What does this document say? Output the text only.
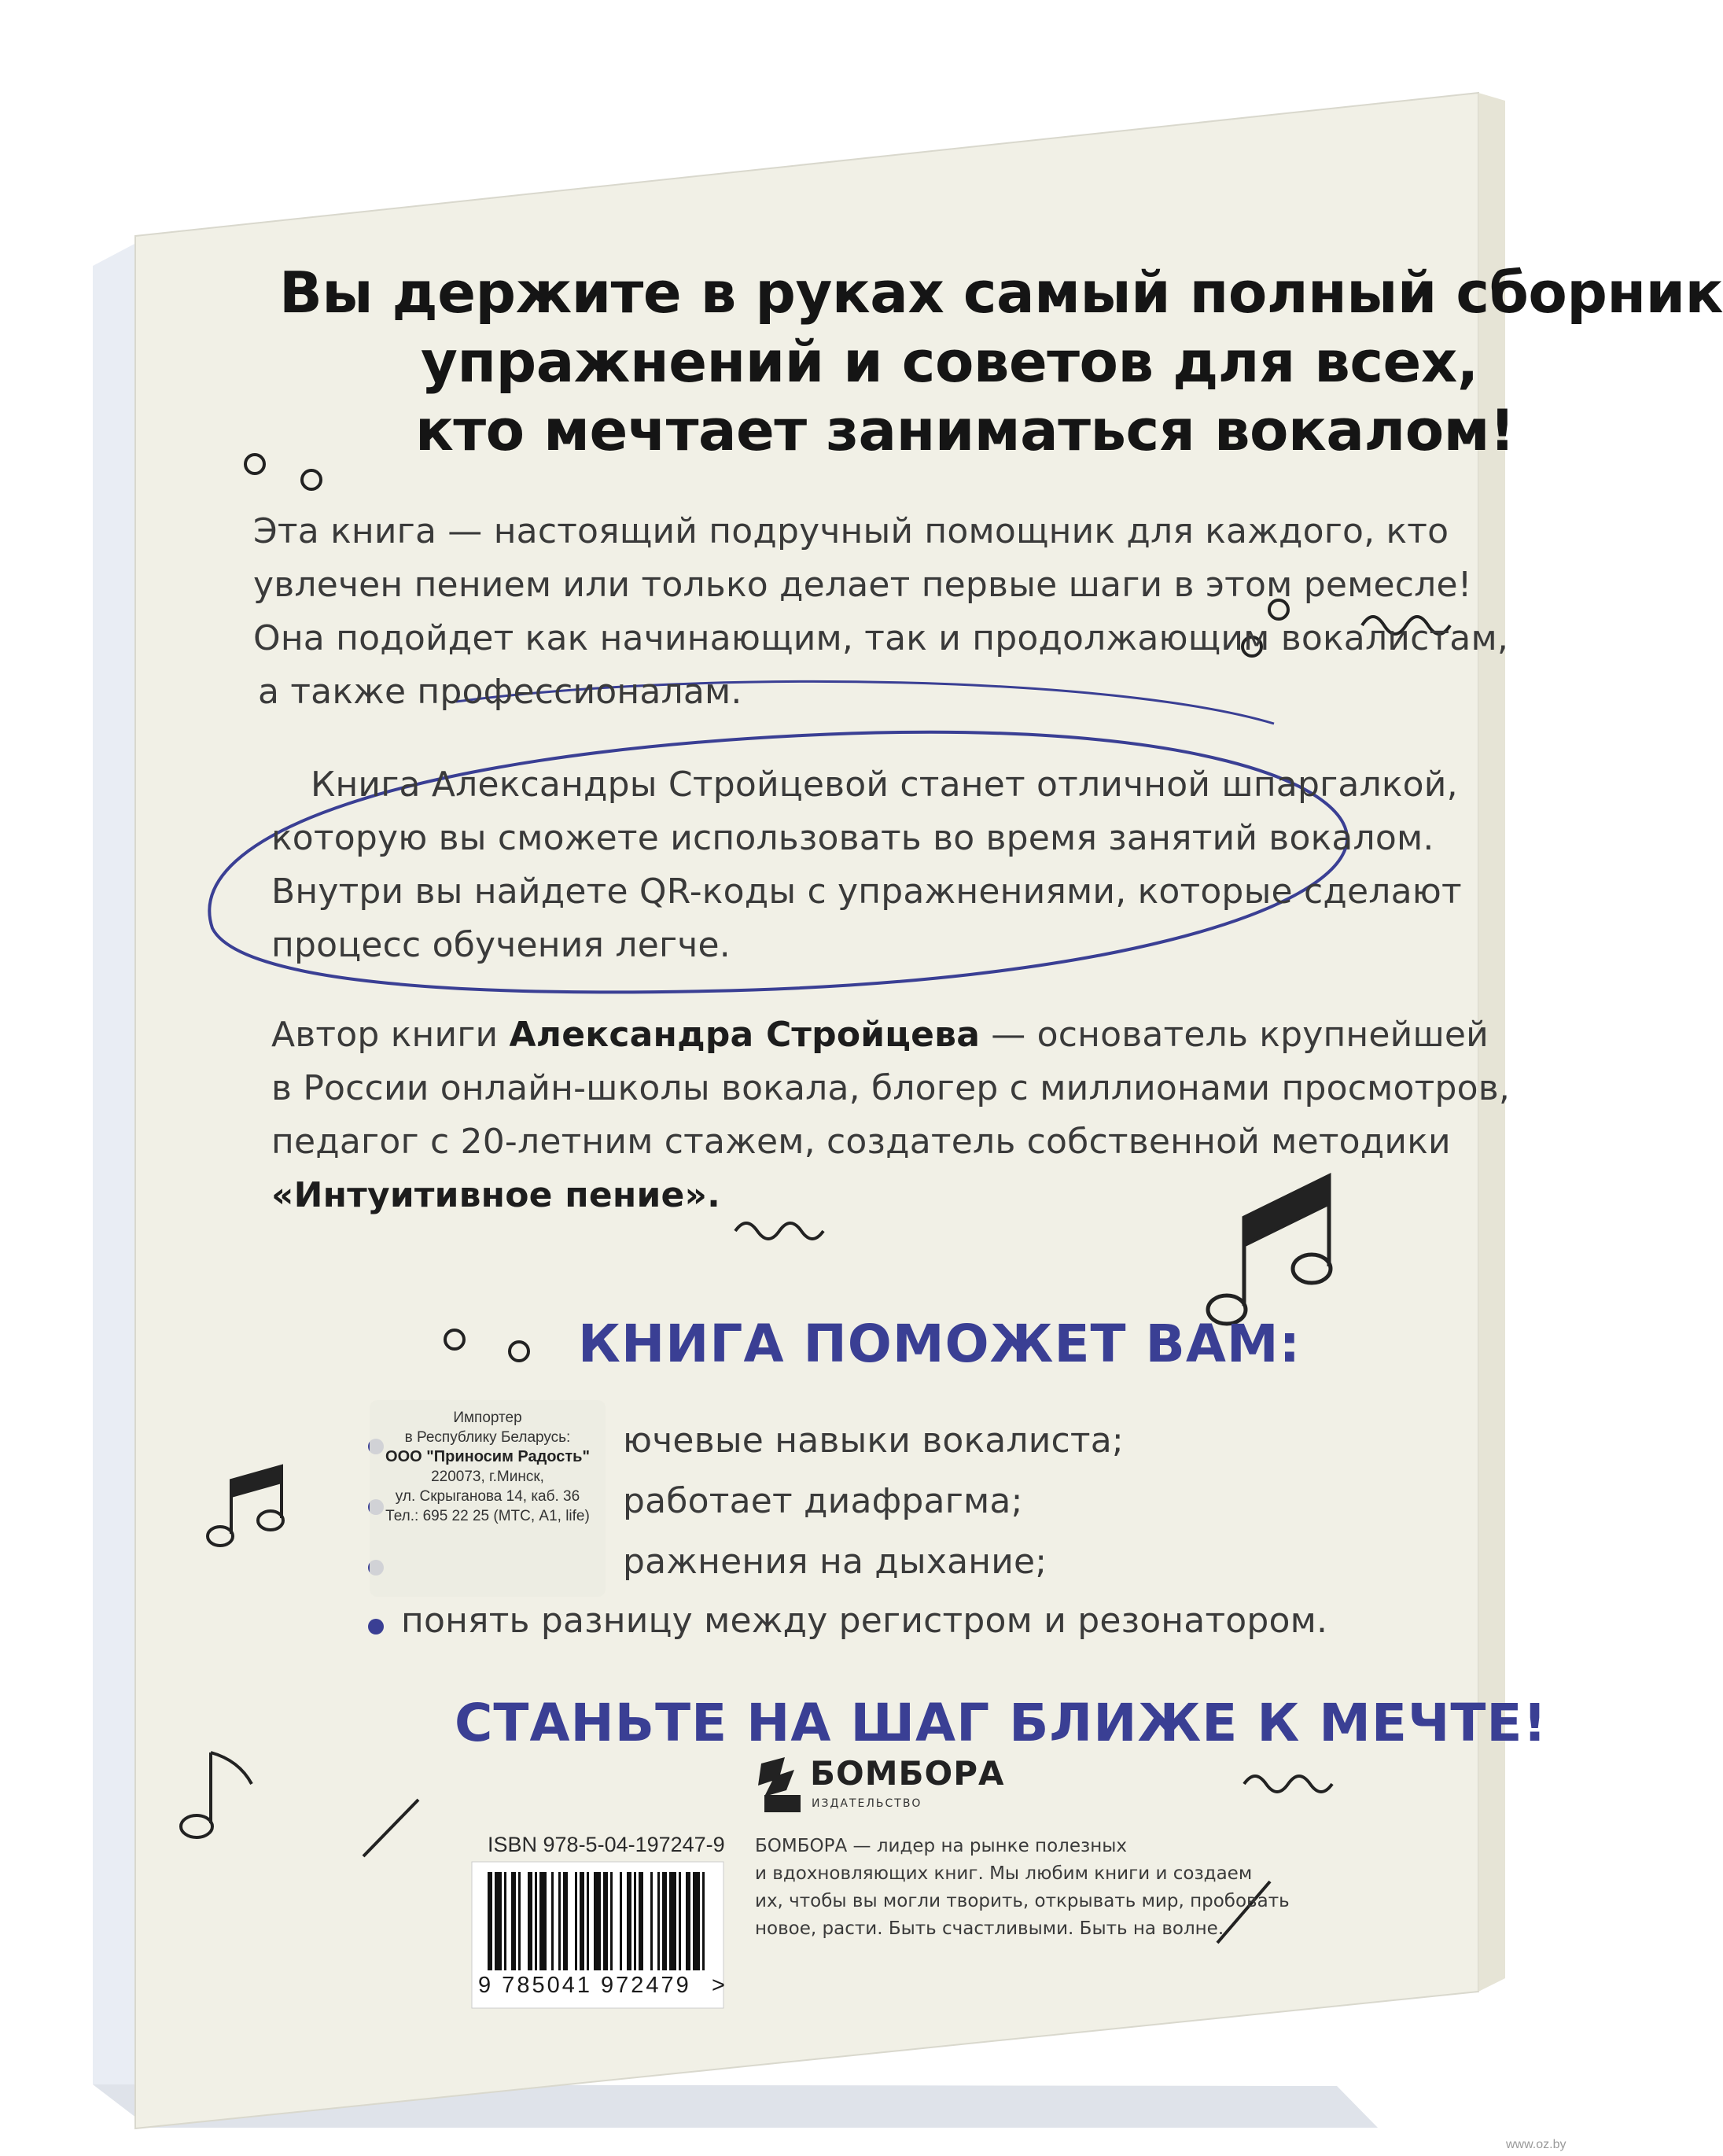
Вы держите в руках самый полный сборник
упражнений и советов для всех,
кто мечтает заниматься вокалом!
Эта книга — настоящий подручный помощник для каждого, кто
увлечен пением или только делает первые шаги в этом ремесле!
Она подойдет как начинающим, так и продолжающим вокалистам,
а также профессионалам.
Книга Александры Стройцевой станет отличной шпаргалкой,
которую вы сможете использовать во время занятий вокалом.
Внутри вы найдете QR-коды с упражнениями, которые сделают
процесс обучения легче.
Автор книги Александра Стройцева — основатель крупнейшей
в России онлайн-школы вокала, блогер с миллионами просмотров,
педагог с 20-летним стажем, создатель собственной методики
«Интуитивное пение».
КНИГА ПОМОЖЕТ ВАМ:
ючевые навыки вокалиста;
работает диафрагма;
ражнения на дыхание;
понять разницу между регистром и резонатором.
Импортер
в Республику Беларусь:
ООО "Приносим Радость"
220073, г.Минск,
ул. Скрыганова 14, каб. 36
Тел.: 695 22 25 (МТС, A1, life)
СТАНЬТЕ НА ШАГ БЛИЖЕ К МЕЧТЕ!
ISBN 978-5-04-197247-9
9 785041 972479 >
БОМБОРА
ИЗДАТЕЛЬСТВО
БОМБОРА — лидер на рынке полезных
и вдохновляющих книг. Мы любим книги и создаем
их, чтобы вы могли творить, открывать мир, пробовать
новое, расти. Быть счастливыми. Быть на волне.
www.oz.by
